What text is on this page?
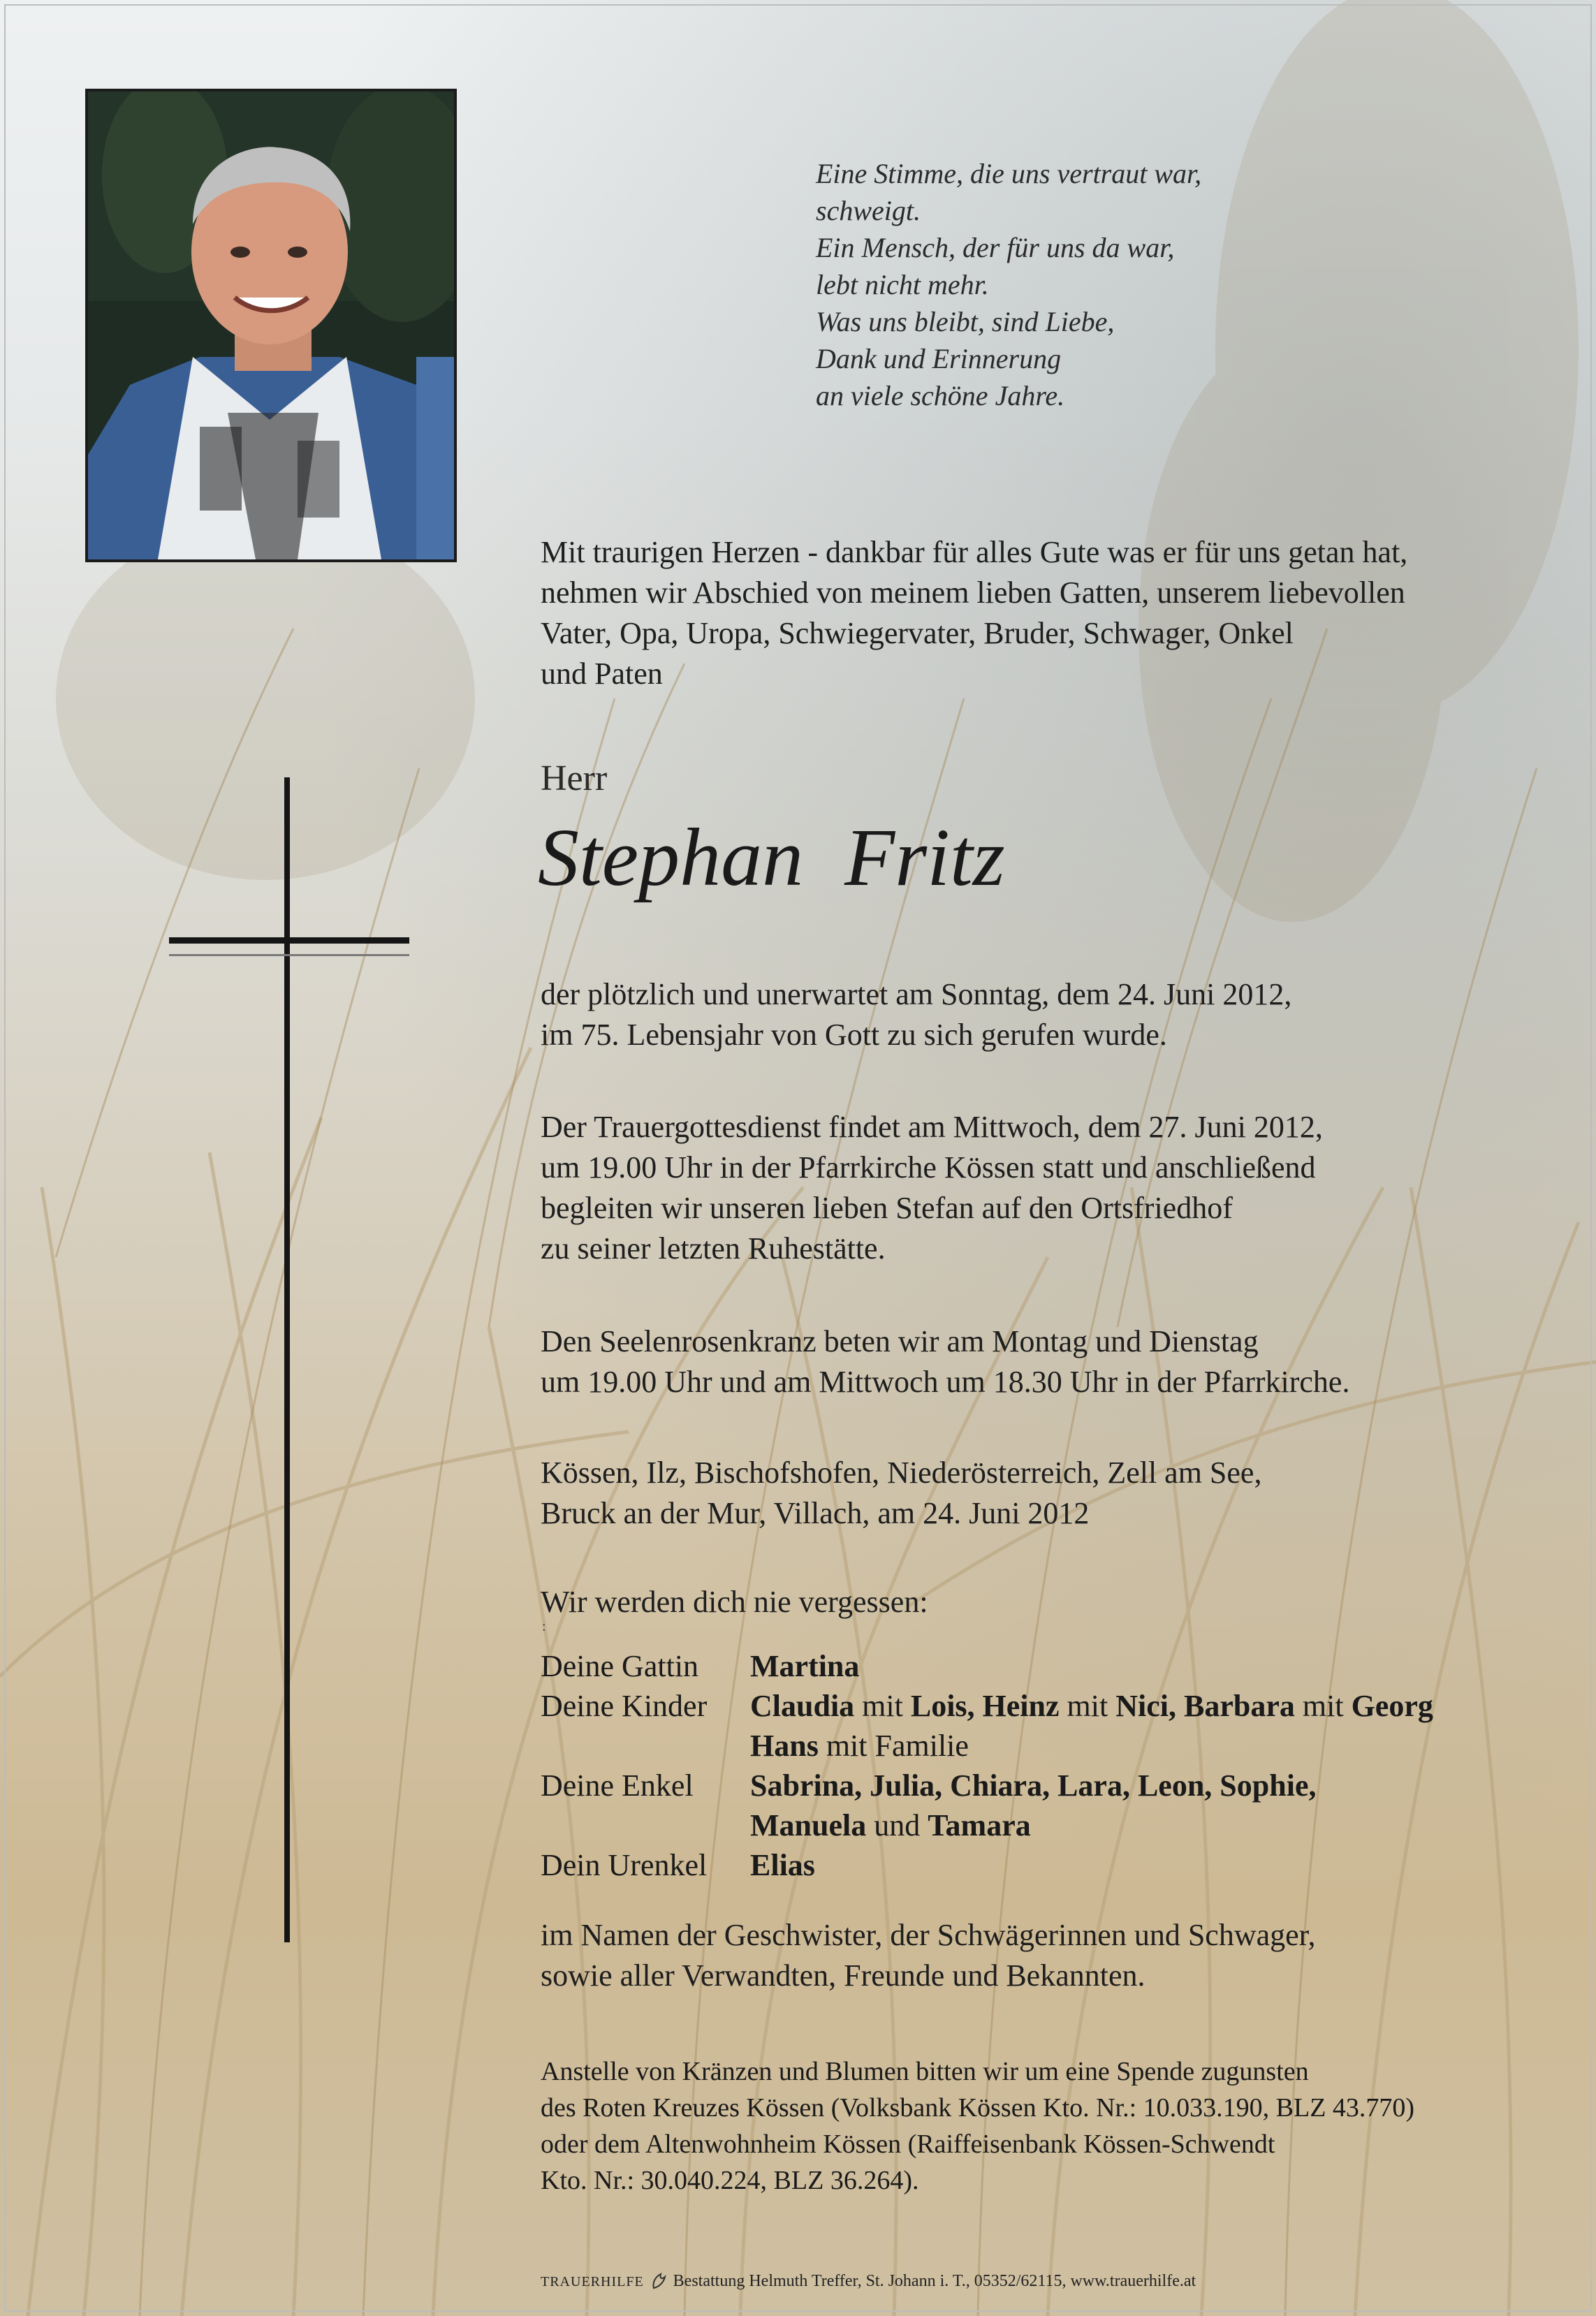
Eine Stimme, die uns vertraut war,
schweigt.
Ein Mensch, der für uns da war,
lebt nicht mehr.
Was uns bleibt, sind Liebe,
Dank und Erinnerung
an viele schöne Jahre.
Mit traurigen Herzen - dankbar für alles Gute was er für uns getan hat,
nehmen wir Abschied von meinem lieben Gatten, unserem liebevollen
Vater, Opa, Uropa, Schwiegervater, Bruder, Schwager, Onkel
und Paten
Herr
Stephan  Fritz
der plötzlich und unerwartet am Sonntag, dem 24. Juni 2012,
im 75. Lebensjahr von Gott zu sich gerufen wurde.
Der Trauergottesdienst findet am Mittwoch, dem 27. Juni 2012,
um 19.00 Uhr in der Pfarrkirche Kössen statt und anschließend
begleiten wir unseren lieben Stefan auf den Ortsfriedhof
zu seiner letzten Ruhestätte.
Den Seelenrosenkranz beten wir am Montag und Dienstag
um 19.00 Uhr und am Mittwoch um 18.30 Uhr in der Pfarrkirche.
Kössen, Ilz, Bischofshofen, Niederösterreich, Zell am See,
Bruck an der Mur, Villach, am 24. Juni 2012
Wir werden dich nie vergessen:
:
Deine Gattin	Martina
Deine Kinder	Claudia mit Lois, Heinz mit Nici, Barbara mit Georg
Hans mit Familie
Deine Enkel	Sabrina, Julia, Chiara, Lara, Leon, Sophie,
Manuela und Tamara
Dein Urenkel	Elias
im Namen der Geschwister, der Schwägerinnen und Schwager,
sowie aller Verwandten, Freunde und Bekannten.
Anstelle von Kränzen und Blumen bitten wir um eine Spende zugunsten
des Roten Kreuzes Kössen (Volksbank Kössen Kto. Nr.: 10.033.190, BLZ 43.770)
oder dem Altenwohnheim Kössen (Raiffeisenbank Kössen-Schwendt
Kto. Nr.: 30.040.224, BLZ 36.264).
TRAUERHILFE Bestattung Helmuth Treffer, St. Johann i. T., 05352/62115, www.trauerhilfe.at
